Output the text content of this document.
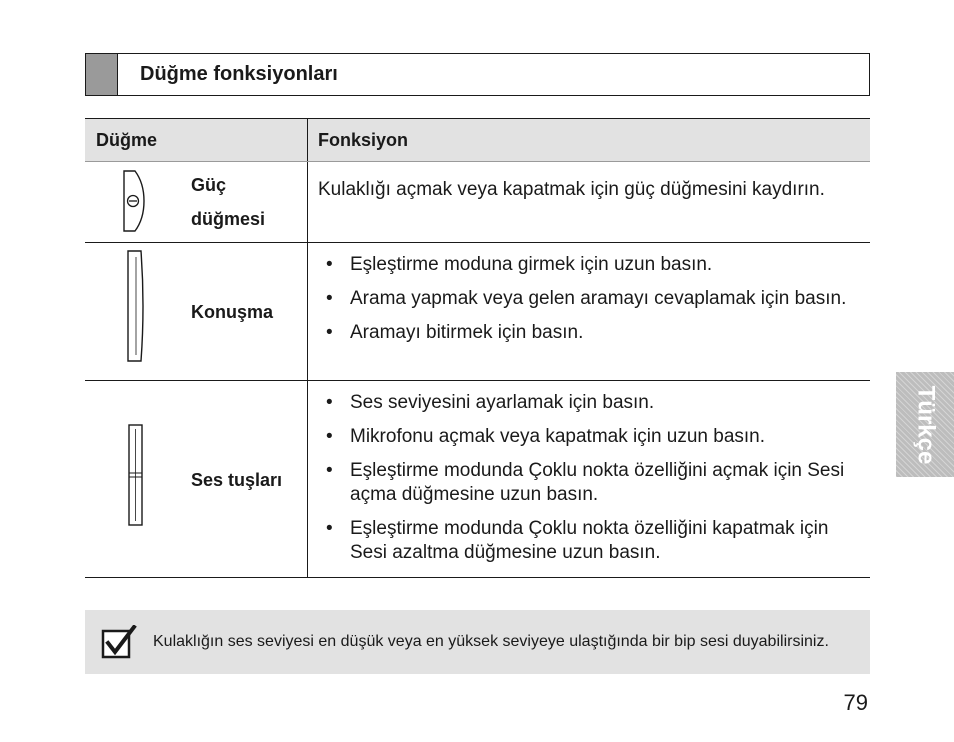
Düğme fonksiyonları
Düğme	Fonksiyon
Güç
düğmesi
Kulaklığı açmak veya kapatmak için güç düğmesini kaydırın.
Konuşma
• Eşleştirme moduna girmek için uzun basın.
• Arama yapmak veya gelen aramayı cevaplamak için basın.
• Aramayı bitirmek için basın.
Ses tuşları
• Ses seviyesini ayarlamak için basın.
• Mikrofonu açmak veya kapatmak için uzun basın.
• Eşleştirme modunda Çoklu nokta özelliğini açmak için Sesi açma düğmesine uzun basın.
• Eşleştirme modunda Çoklu nokta özelliğini kapatmak için Sesi azaltma düğmesine uzun basın.
Kulaklığın ses seviyesi en düşük veya en yüksek seviyeye ulaştığında bir bip sesi duyabilirsiniz.
Türkçe
79
